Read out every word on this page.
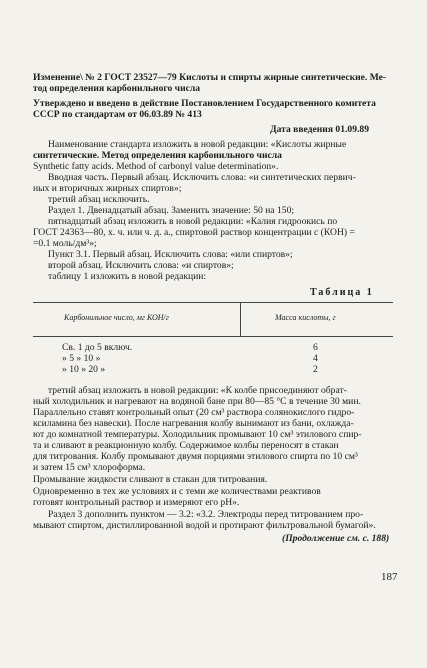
Изменение\ № 2 ГОСТ 23527—79 Кислоты и спирты жирные синтетические. Ме-
тод определения карбонильного числа
Утверждено и введено в действие Постановлением Государственного комитета
СССР по стандартам от 06.03.89 № 413
Дата введения 01.09.89
Наименование стандарта изложить в новой редакции: «Кислоты жирные
синтетические. Метод определения карбонильного числа
Synthetic fatty acids. Method of carbonyl value determination».
Вводная часть. Первый абзац. Исключить слова: «и синтетических первич-
ных и вторичных жирных спиртов»;
третий абзац исключить.
Раздел 1. Двенадцатый абзац. Заменить значение: 50 на 150;
пятнадцатый абзац изложить в новой редакции: «Калия гидроокись по
ГОСТ 24363—80, х. ч. или ч. д. а., спиртовой раствор концентрации с (КОН) =
=0.1 моль/дм³»;
Пункт 3.1. Первый абзац. Исключить слова: «или спиртов»;
второй абзац. Исключить слова: «и спиртов»;
таблицу 1 изложить в новой редакции:
Таблица 1
Карбонильное число, мг КОН/г	Масса кислоты, г
Св. 1 до 5 включ.	6
» 5 » 10 »	4
» 10 » 20 »	2
третий абзац изложить в новой редакции: «К колбе присоединяют обрат-
ный холодильник и нагревают на водяной бане при 80—85 °С в течение 30 мин.
Параллельно ставят контрольный опыт (20 см³ раствора солянокислого гидро-
ксиламина без навески). После нагревания колбу вынимают из бани, охлажда-
ют до комнатной температуры. Холодильник промывают 10 см³ этилового спир-
та и сливают в реакционную колбу. Содержимое колбы переносят в стакан
для титрования. Колбу промывают двумя порциями этилового спирта по 10 см³
и затем 15 см³ хлороформа.
Промывание жидкости сливают в стакан для титрования.
Одновременно в тех же условиях и с теми же количествами реактивов
готовят контрольный раствор и измеряют его pH».
Раздел 3 дополнить пунктом — 3.2: «3.2. Электроды перед титрованием про-
мывают спиртом, дистиллированной водой и протирают фильтровальной бумагой».
(Продолжение см. с. 188)
187
